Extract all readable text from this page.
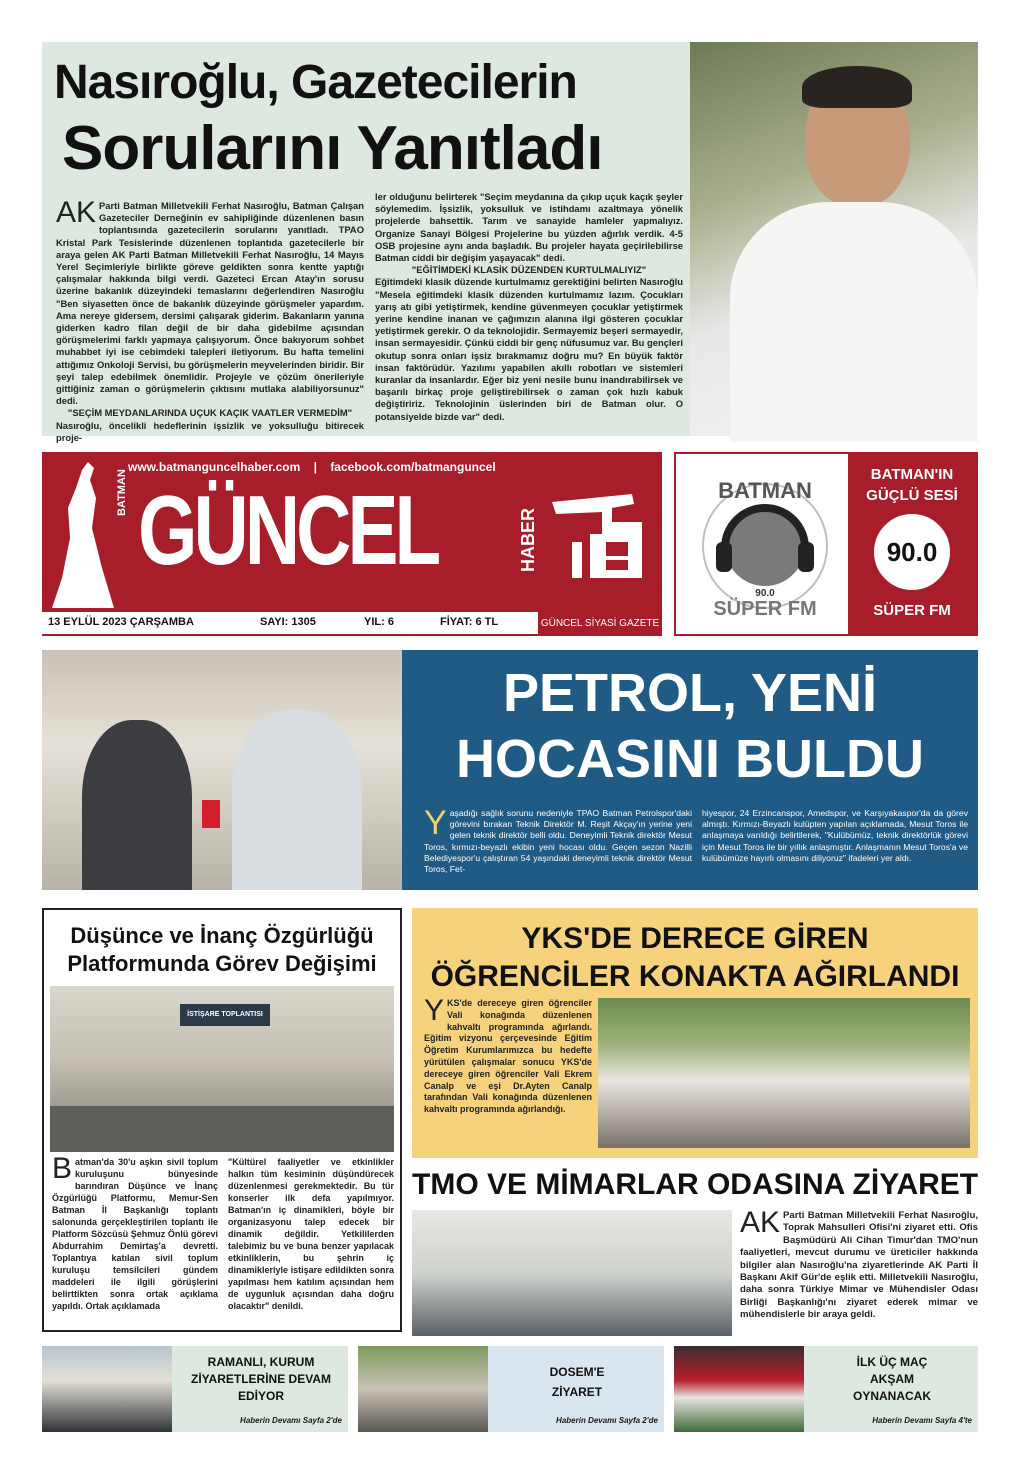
Nasıroğlu, Gazetecilerin
Sorularını Yanıtladı

AK Parti Batman Milletvekili Ferhat Nasıroğlu, Batman Çalışan Gazeteciler Derneğinin ev sahipliğinde düzenlenen basın toplantısında gazetecilerin sorularını yanıtladı. TPAO Kristal Park Tesislerinde düzenlenen toplantıda gazetecilerle bir araya gelen AK Parti Batman Milletvekili Ferhat Nasıroğlu, 14 Mayıs Yerel Seçimleriyle birlikte göreve geldikten sonra kentte yaptığı çalışmalar hakkında bilgi verdi. Gazeteci Ercan Atay'ın sorusu üzerine bakanlık düzeyindeki temaslarını değerlendiren Nasıroğlu "Ben siyasetten önce de bakanlık düzeyinde görüşmeler yapardım. Ama nereye gidersem, dersimi çalışarak giderim. Bakanların yanına giderken kadro filan değil de bir daha gidebilme açısından görüşmelerimi farklı yapmaya çalışıyorum. Önce bakıyorum sohbet muhabbet iyi ise cebimdeki talepleri iletiyorum. Bu hafta temelini attığımız Onkoloji Servisi, bu görüşmelerin meyvelerinden biridir. Bir şeyi talep edebilmek önemlidir. Projeyle ve çözüm önerileriyle gittiğiniz zaman o görüşmelerin çıktısını mutlaka alabiliyorsunuz" dedi.

"SEÇİM MEYDANLARINDA UÇUK KAÇIK VAATLER VERMEDİM"

Nasıroğlu, öncelikli hedeflerinin işsizlik ve yoksulluğu bitirecek proje-

ler olduğunu belirterek "Seçim meydanına da çıkıp uçuk kaçık şeyler söylemedim. İşsizlik, yoksulluk ve istihdamı azaltmaya yönelik projelerde bahsettik. Tarım ve sanayide hamleler yapmalıyız. Organize Sanayi Bölgesi Projelerine bu yüzden ağırlık verdik. 4-5 OSB projesine aynı anda başladık. Bu projeler hayata geçirilebilirse Batman ciddi bir değişim yaşayacak" dedi.

"EĞİTİMDEKİ KLASİK DÜZENDEN KURTULMALIYIZ"

Eğitimdeki klasik düzende kurtulmamız gerektiğini belirten Nasıroğlu "Mesela eğitimdeki klasik düzenden kurtulmamız lazım. Çocukları yarış atı gibi yetiştirmek, kendine güvenmeyen çocuklar yetiştirmek yerine kendine inanan ve çağımızın alanına ilgi gösteren çocuklar yetiştirmek gerekir. O da teknolojidir. Sermayemiz beşeri sermayedir, insan sermayesidir. Çünkü ciddi bir genç nüfusumuz var. Bu gençleri okutup sonra onları işsiz bırakmamız doğru mu? En büyük faktör insan faktörüdür. Yazılımı yapabilen akıllı robotları ve sistemleri kuranlar da insanlardır. Eğer biz yeni nesile bunu inandırabilirsek ve başarılı birkaç proje geliştirebilirsek o zaman çok hızlı kabuk değiştiririz. Teknolojinin üslerinden biri de Batman olur. O potansiyelde bizde var" dedi.

www.batmanguncelhaber.com | facebook.com/batmanguncel
BATMAN GÜNCEL	HABER
13 EYLÜL 2023 ÇARŞAMBA	SAYI: 1305	YIL: 6	FİYAT: 6 TL	GÜNCEL SİYASİ GAZETE
BATMAN
90.0
SÜPER FM
BATMAN'IN
GÜÇLÜ SESİ
90.0
SÜPER FM
PETROL, YENİ
HOCASINI BULDU
Yaşadığı sağlık sorunu nedeniyle TPAO Batman Petrolspor'daki görevini bırakan Teknik Direktör M. Reşit Akçay'ın yerine yeni gelen teknik direktör belli oldu. Deneyimli Teknik direktör Mesut Toros, kırmızı-beyazlı ekibin yeni hocası oldu. Geçen sezon Nazilli Belediyespor'u çalıştıran 54 yaşındaki deneyimli teknik direktör Mesut Toros, Fet-
hiyespor, 24 Erzincanspor, Amedspor, ve Karşıyakaspor'da da görev almıştı. Kırmızı-Beyazlı kulüpten yapılan açıklamada, Mesut Toros ile anlaşmaya varıldığı belirtilerek, "Kulübümüz, teknik direktörlük görevi için Mesut Toros ile bir yıllık anlaşmıştır. Anlaşmanın Mesut Toros'a ve kulübümüze hayırlı olmasını diliyoruz" ifadeleri yer aldı.
Düşünce ve İnanç Özgürlüğü
Platformunda Görev Değişimi
İSTİŞARE TOPLANTISI
Batman'da 30'u aşkın sivil toplum kuruluşunu bünyesinde barındıran Düşünce ve İnanç Özgürlüğü Platformu, Memur-Sen Batman İl Başkanlığı toplantı salonunda gerçekleştirilen toplantı ile Platform Sözcüsü Şehmuz Önlü görevi Abdurrahim Demirtaş'a devretti. Toplantıya katılan sivil toplum kuruluşu temsilcileri gündem maddeleri ile ilgili görüşlerini belirttikten sonra ortak açıklama yapıldı. Ortak açıklamada
"Kültürel faaliyetler ve etkinlikler halkın tüm kesiminin düşündürecek düzenlenmesi gerekmektedir. Bu tür konserler ilk defa yapılmıyor. Batman'ın iç dinamikleri, böyle bir organizasyonu talep edecek bir dinamik değildir. Yetkililerden talebimiz bu ve buna benzer yapılacak etkinliklerin, bu şehrin iç dinamikleriyle istişare edildikten sonra yapılması hem katılım açısından hem de uygunluk açısından daha doğru olacaktır" denildi.
YKS'DE DERECE GİREN
ÖĞRENCİLER KONAKTA AĞIRLANDI
YKS'de dereceye giren öğrenciler Vali konağında düzenlenen kahvaltı programında ağırlandı. Eğitim vizyonu çerçevesinde Eğitim Öğretim Kurumlarımızca bu hedefte yürütülen çalışmalar sonucu YKS'de dereceye giren öğrenciler Vali Ekrem Canalp ve eşi Dr.Ayten Canalp tarafından Vali konağında düzenlenen kahvaltı programında ağırlandığı.
TMO VE MİMARLAR ODASINA ZİYARET
AK Parti Batman Milletvekili Ferhat Nasıroğlu, Toprak Mahsulleri Ofisi'ni ziyaret etti. Ofis Başmüdürü Ali Cihan Timur'dan TMO'nun faaliyetleri, mevcut durumu ve üreticiler hakkında bilgiler alan Nasıroğlu'na ziyaretlerinde AK Parti İl Başkanı Akif Gür'de eşlik etti. Milletvekili Nasıroğlu, daha sonra Türkiye Mimar ve Mühendisler Odası Birliği Başkanlığı'nı ziyaret ederek mimar ve mühendislerle bir araya geldi.
RAMANLI, KURUM
ZİYARETLERİNE DEVAM
EDİYOR
Haberin Devamı Sayfa 2'de
DOSEM'E
ZİYARET
Haberin Devamı Sayfa 2'de
İLK ÜÇ MAÇ
AKŞAM
OYNANACAK
Haberin Devamı Sayfa 4'te
